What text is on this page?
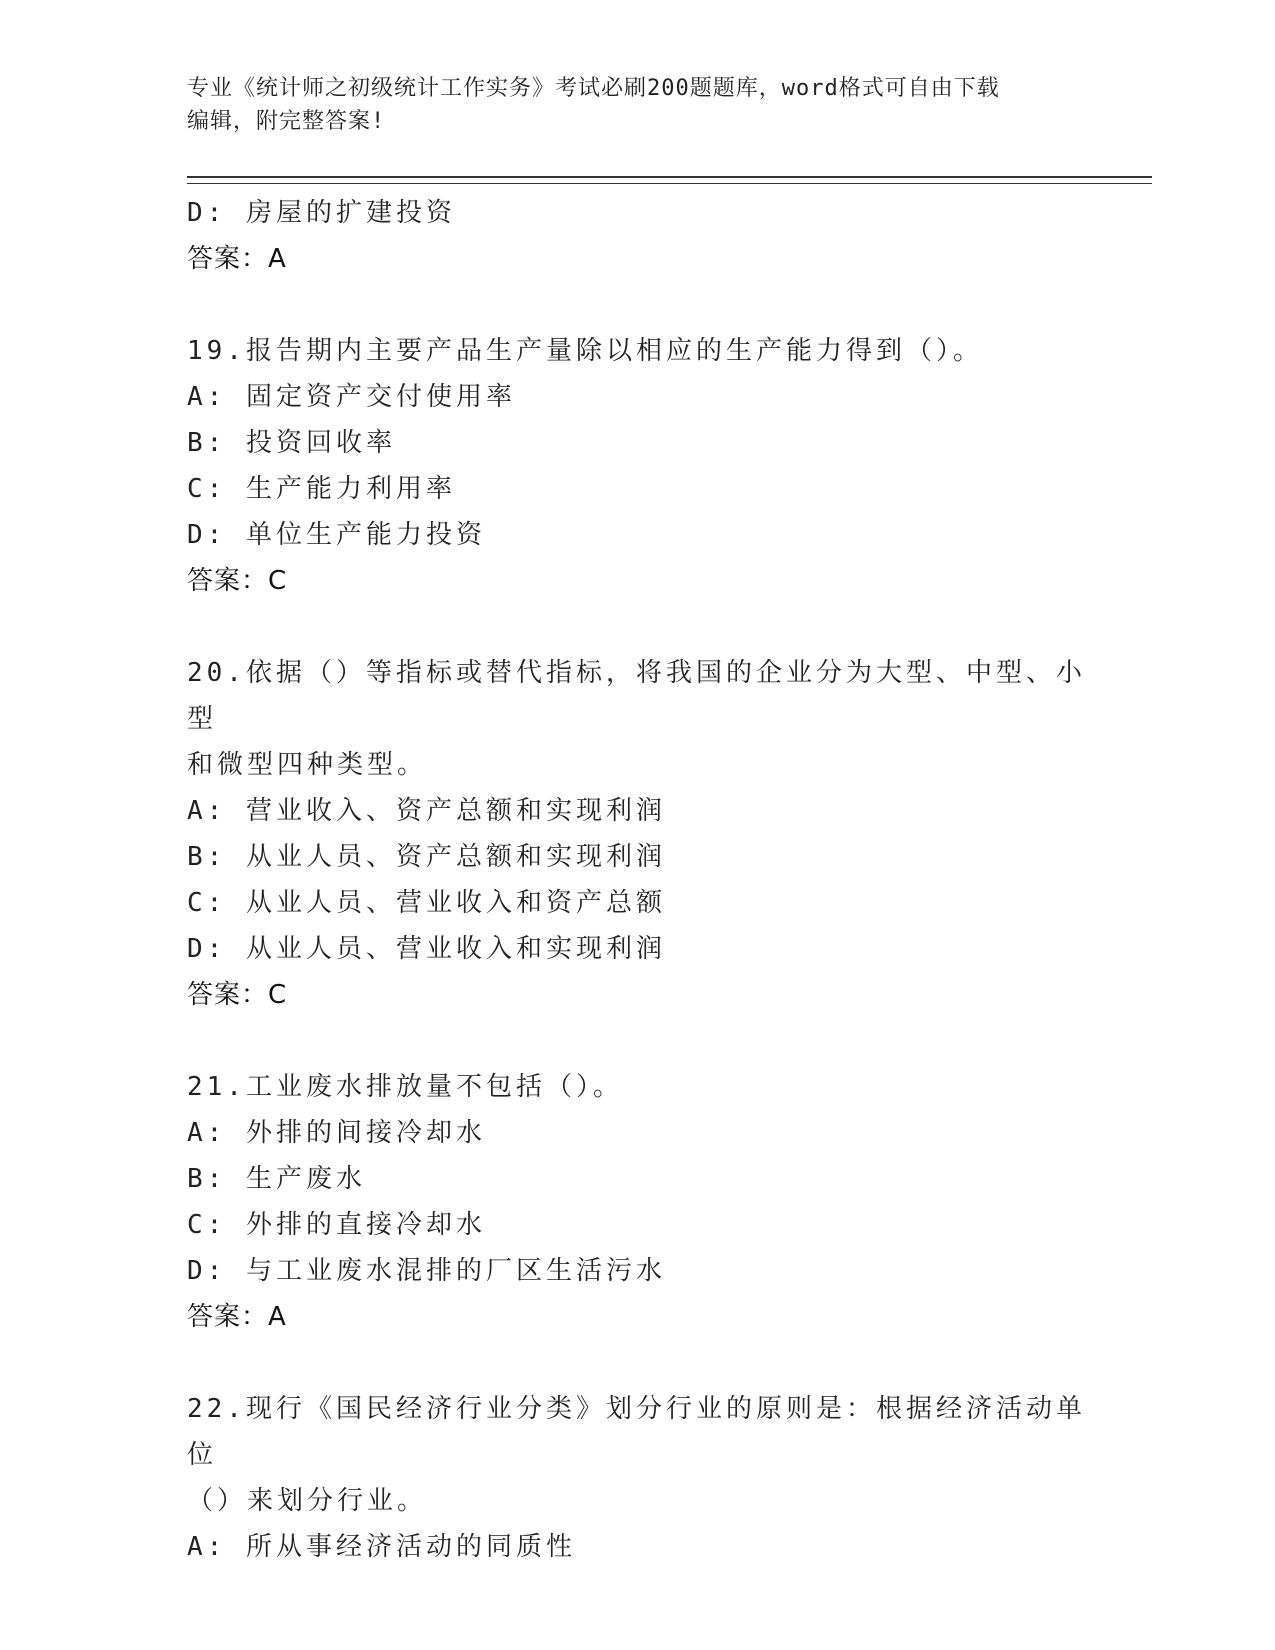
专业《统计师之初级统计工作实务》考试必刷200题题库，word格式可自由下载
编辑，附完整答案!
D: 房屋的扩建投资
答案：A
19.报告期内主要产品生产量除以相应的生产能力得到（）。
A: 固定资产交付使用率
B: 投资回收率
C: 生产能力利用率
D: 单位生产能力投资
答案：C
20.依据（）等指标或替代指标，将我国的企业分为大型、中型、小型
和微型四种类型。
A: 营业收入、资产总额和实现利润
B: 从业人员、资产总额和实现利润
C: 从业人员、营业收入和资产总额
D: 从业人员、营业收入和实现利润
答案：C
21.工业废水排放量不包括（）。
A: 外排的间接冷却水
B: 生产废水
C: 外排的直接冷却水
D: 与工业废水混排的厂区生活污水
答案：A
22.现行《国民经济行业分类》划分行业的原则是：根据经济活动单位
（）来划分行业。
A: 所从事经济活动的同质性
